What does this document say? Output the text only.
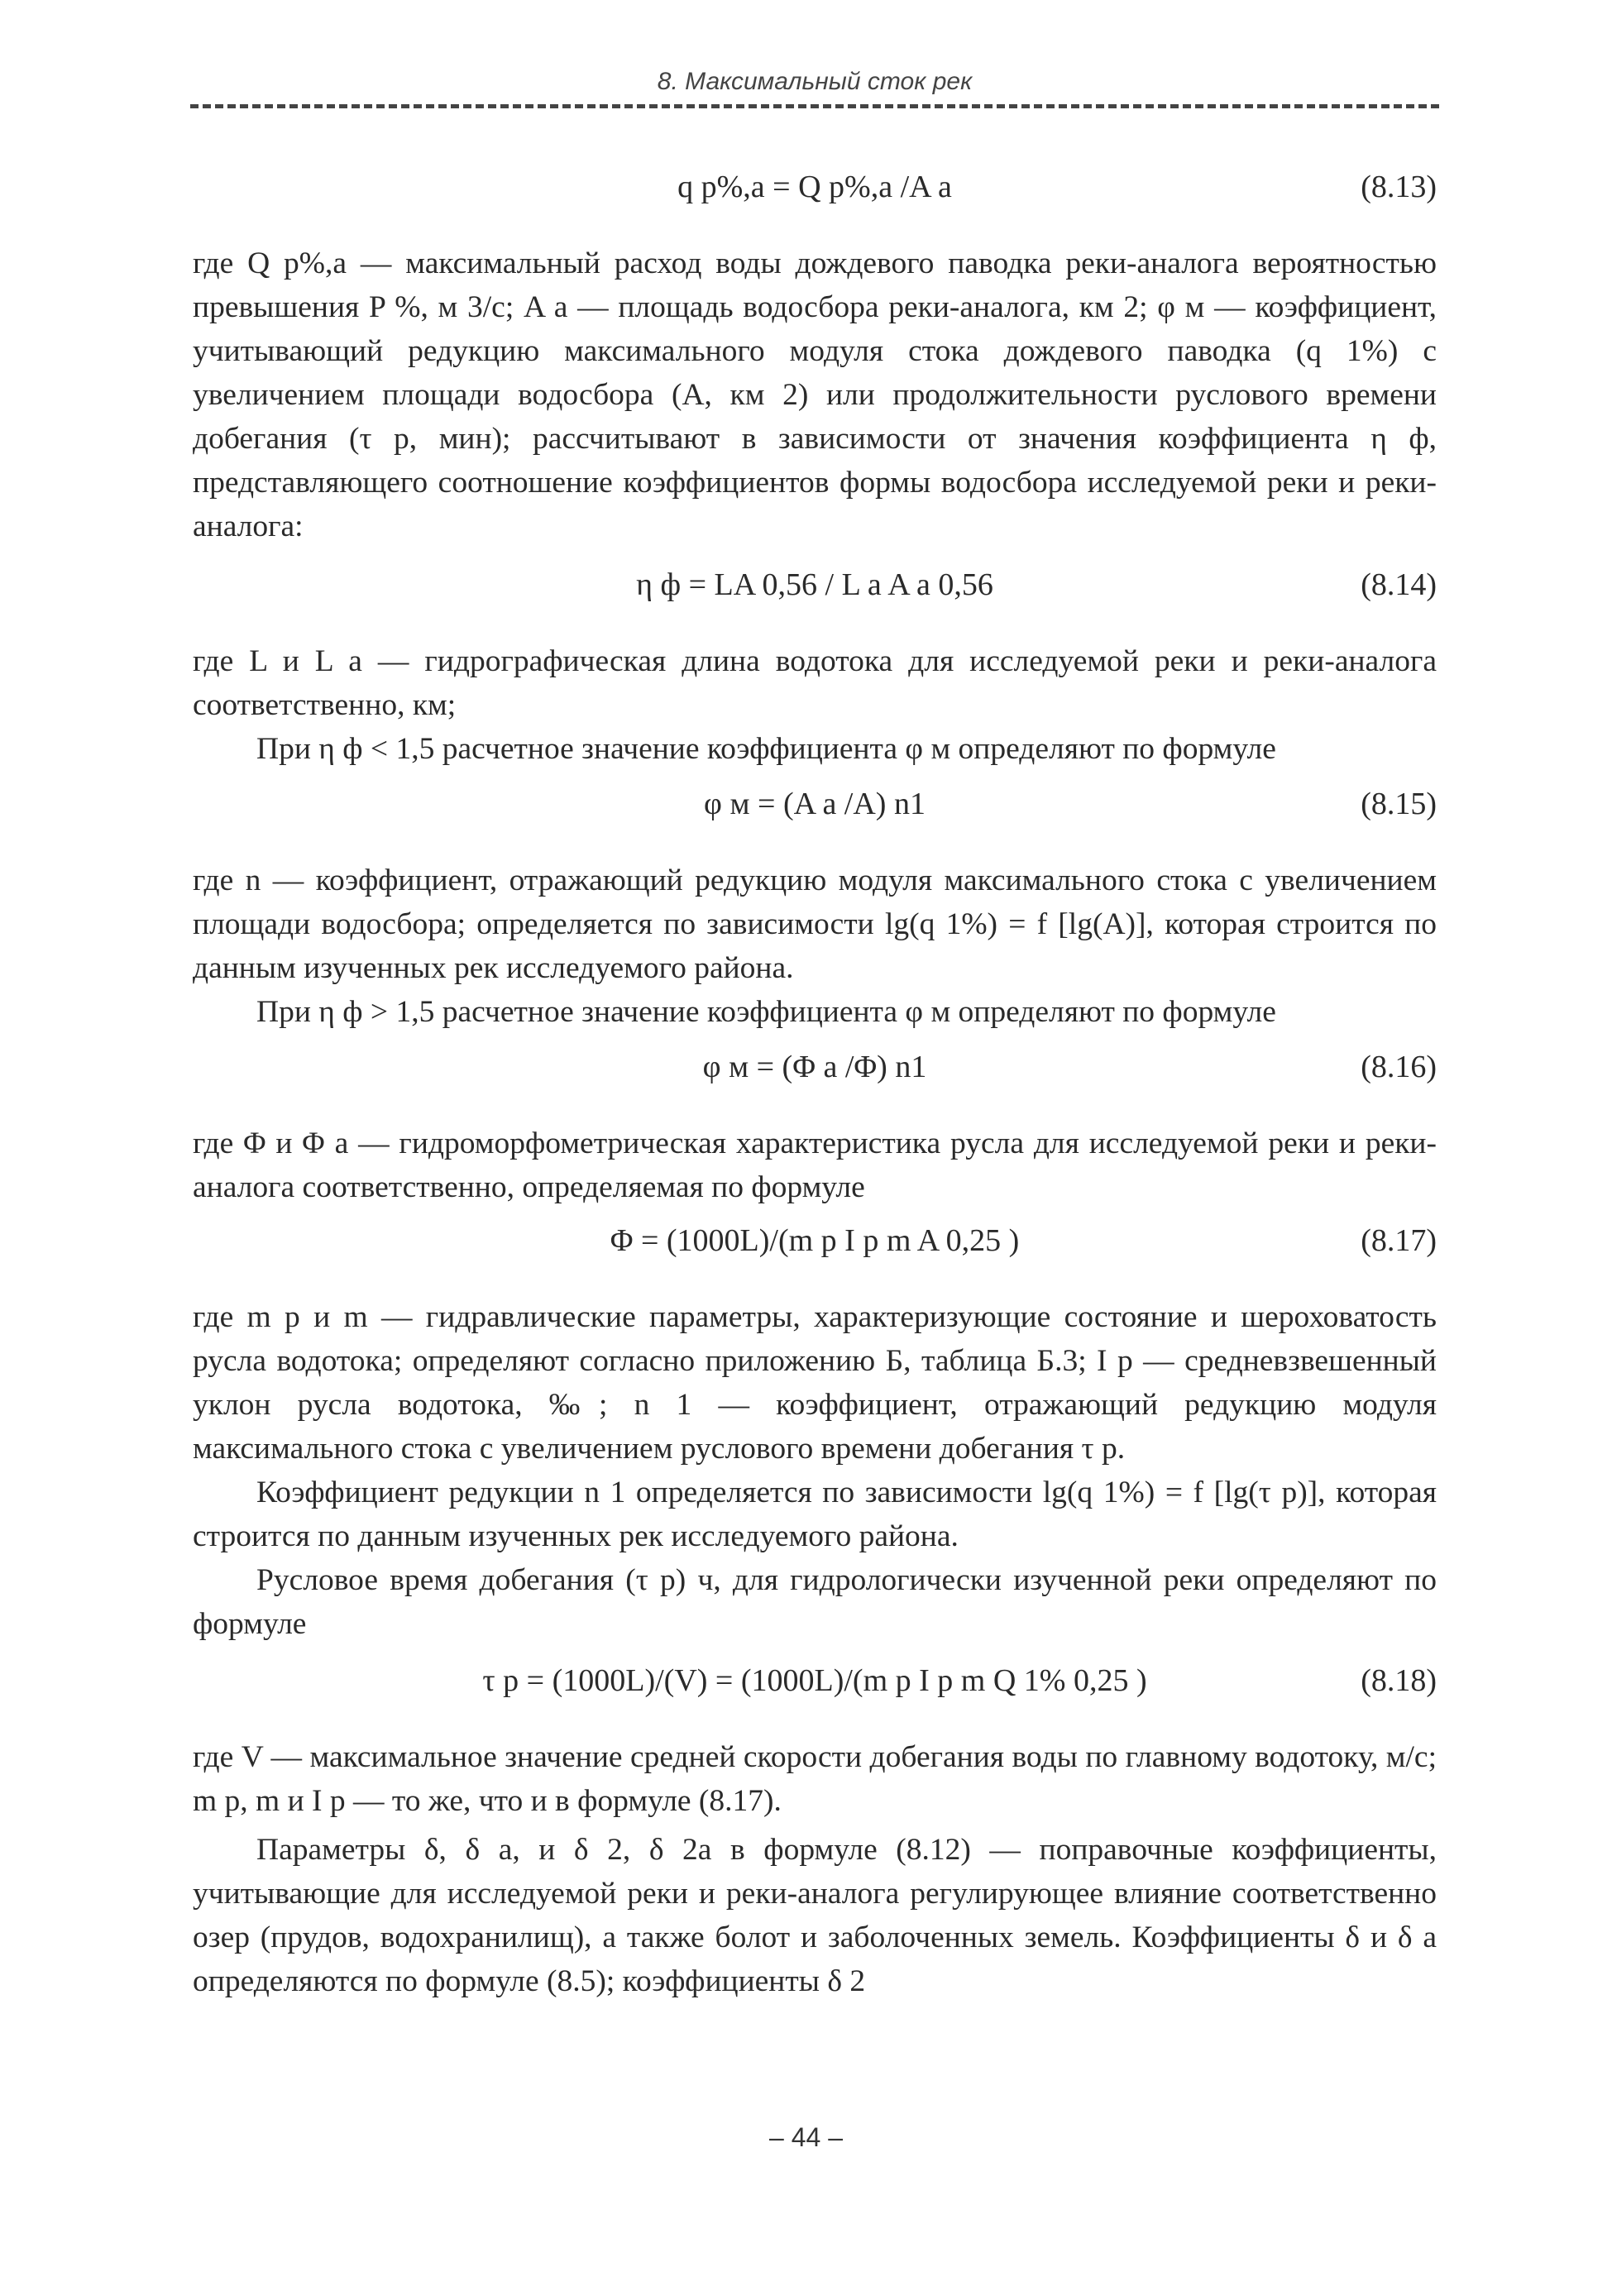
8. Максимальный сток рек
q p%,a = Q p%,a /A a	(8.13)

где Q p%,a — максимальный расход воды дождевого паводка реки-аналога вероятностью превышения P %, м 3/с; A a — площадь водосбора реки-аналога, км 2; φ м — коэффициент, учитывающий редукцию максимального модуля стока дождевого паводка (q 1%) с увеличением площади водосбора (A, км 2) или продолжительности руслового времени добегания (τ p, мин); рассчитывают в зависимости от значения коэффициента η ф, представляющего соотношение коэффициентов формы водосбора исследуемой реки и реки-аналога:

η ф = LA 0,56 / L a A a 0,56	(8.14)

где L и L a — гидрографическая длина водотока для исследуемой реки и реки-аналога соответственно, км;

При η ф < 1,5 расчетное значение коэффициента φ м определяют по формуле

φ м = (A a /A) n1	(8.15)

где n — коэффициент, отражающий редукцию модуля максимального стока с увеличением площади водосбора; определяется по зависимости lg(q 1%) = f [lg(A)], которая строится по данным изученных рек исследуемого района.

При η ф > 1,5 расчетное значение коэффициента φ м определяют по формуле

φ м = (Φ a /Φ) n1	(8.16)

где Φ и Φ a — гидроморфометрическая характеристика русла для исследуемой реки и реки-аналога соответственно, определяемая по формуле

Φ = (1000L)/(m p I p m A 0,25 )	(8.17)

где m p и m — гидравлические параметры, характеризующие состояние и шероховатость русла водотока; определяют согласно приложению Б, таблица Б.3; I p — средневзвешенный уклон русла водотока, ‰; n 1 — коэффициент, отражающий редукцию модуля максимального стока с увеличением руслового времени добегания τ p.

Коэффициент редукции n 1 определяется по зависимости lg(q 1%) = f [lg(τ p)], которая строится по данным изученных рек исследуемого района.

Русловое время добегания (τ p) ч, для гидрологически изученной реки определяют по формуле

τ p = (1000L)/(V) = (1000L)/(m p I p m Q 1% 0,25 )	(8.18)

где V — максимальное значение средней скорости добегания воды по главному водотоку, м/с; m p, m и I p — то же, что и в формуле (8.17).

Параметры δ, δ a, и δ 2, δ 2a в формуле (8.12) — поправочные коэффициенты, учитывающие для исследуемой реки и реки-аналога регулирующее влияние соответственно озер (прудов, водохранилищ), а также болот и заболоченных земель. Коэффициенты δ и δ a определяются по формуле (8.5); коэффициенты δ 2

– 44 –
